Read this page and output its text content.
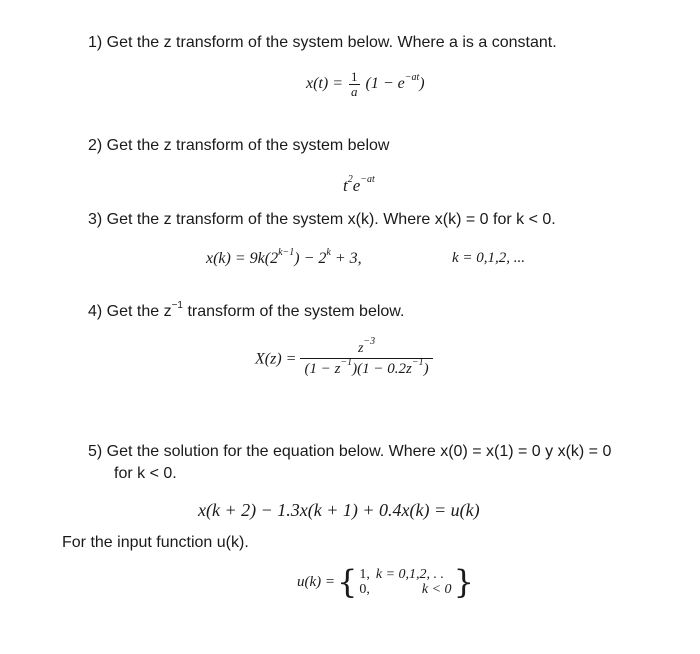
1) Get the z transform of the system below. Where a is a constant.
$x(t) = \frac{1}{a} (1 - e^{-at})$
2) Get the z transform of the system below
$t^2e^{-at}$
3) Get the z transform of the system x(k). Where x(k) = 0 for k < 0.
$x(k) = 9k(2^{k-1}) - 2^k + 3$,	k = 0,1,2, ...
4) Get the $z^{-1}$ transform of the system below.
$X(z) = \frac{z^{-3}}{(1 - z^{-1})(1 - 0.2z^{-1})}$
5) Get the solution for the equation below. Where x(0) = x(1) = 0 y x(k) = 0
for k < 0.
x(k + 2) − 1.3x(k + 1) + 0.4x(k) = u(k)
For the input function u(k).
u(k) = { 1, k = 0,1,2, . .
0,	k < 0 }
